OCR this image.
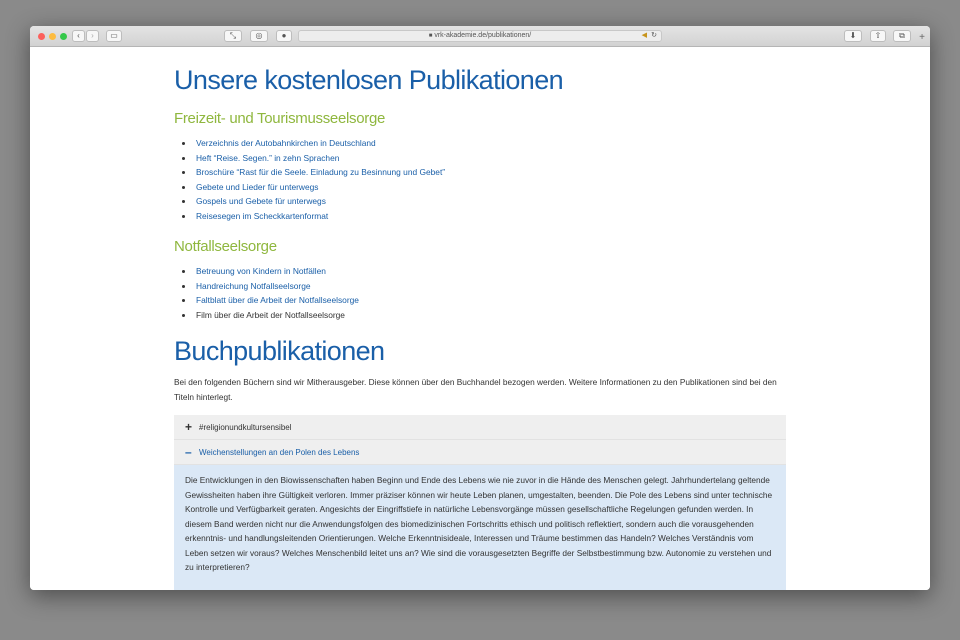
‹	›	▭	⤡	◎	●	■ vrk-akademie.de/publikationen/	◀ ↻	⬇	⇧	⧉	+
Unsere kostenlosen Publikationen
Freizeit- und Tourismusseelsorge
Verzeichnis der Autobahnkirchen in Deutschland
Heft “Reise. Segen.” in zehn Sprachen
Broschüre “Rast für die Seele. Einladung zu Besinnung und Gebet”
Gebete und Lieder für unterwegs
Gospels und Gebete für unterwegs
Reisesegen im Scheckkartenformat
Notfallseelsorge
Betreuung von Kindern in Notfällen
Handreichung Notfallseelsorge
Faltblatt über die Arbeit der Notfallseelsorge
Film über die Arbeit der Notfallseelsorge
Buchpublikationen

Bei den folgenden Büchern sind wir Mitherausgeber. Diese können über den Buchhandel bezogen werden. Weitere Informationen zu den Publikationen sind bei den Titeln hinterlegt.

+ #religionundkultursensibel
– Weichenstellungen an den Polen des Lebens

Die Entwicklungen in den Biowissenschaften haben Beginn und Ende des Lebens wie nie zuvor in die Hände des Menschen gelegt. Jahrhundertelang geltende Gewissheiten haben ihre Gültigkeit verloren. Immer präziser können wir heute Leben planen, umgestalten, beenden. Die Pole des Lebens sind unter technische Kontrolle und Verfügbarkeit geraten. Angesichts der Eingriffstiefe in natürliche Lebensvorgänge müssen gesellschaftliche Regelungen gefunden werden. In diesem Band werden nicht nur die Anwendungsfolgen des biomedizinischen Fortschritts ethisch und politisch reflektiert, sondern auch die vorausgehenden erkenntnis- und handlungsleitenden Orientierungen. Welche Erkenntnisideale, Interessen und Träume bestimmen das Handeln? Welches Verständnis vom Leben setzen wir voraus? Welches Menschenbild leitet uns an? Wie sind die vorausgesetzten Begriffe der Selbstbestimmung bzw. Autonomie zu verstehen und zu interpretieren?
